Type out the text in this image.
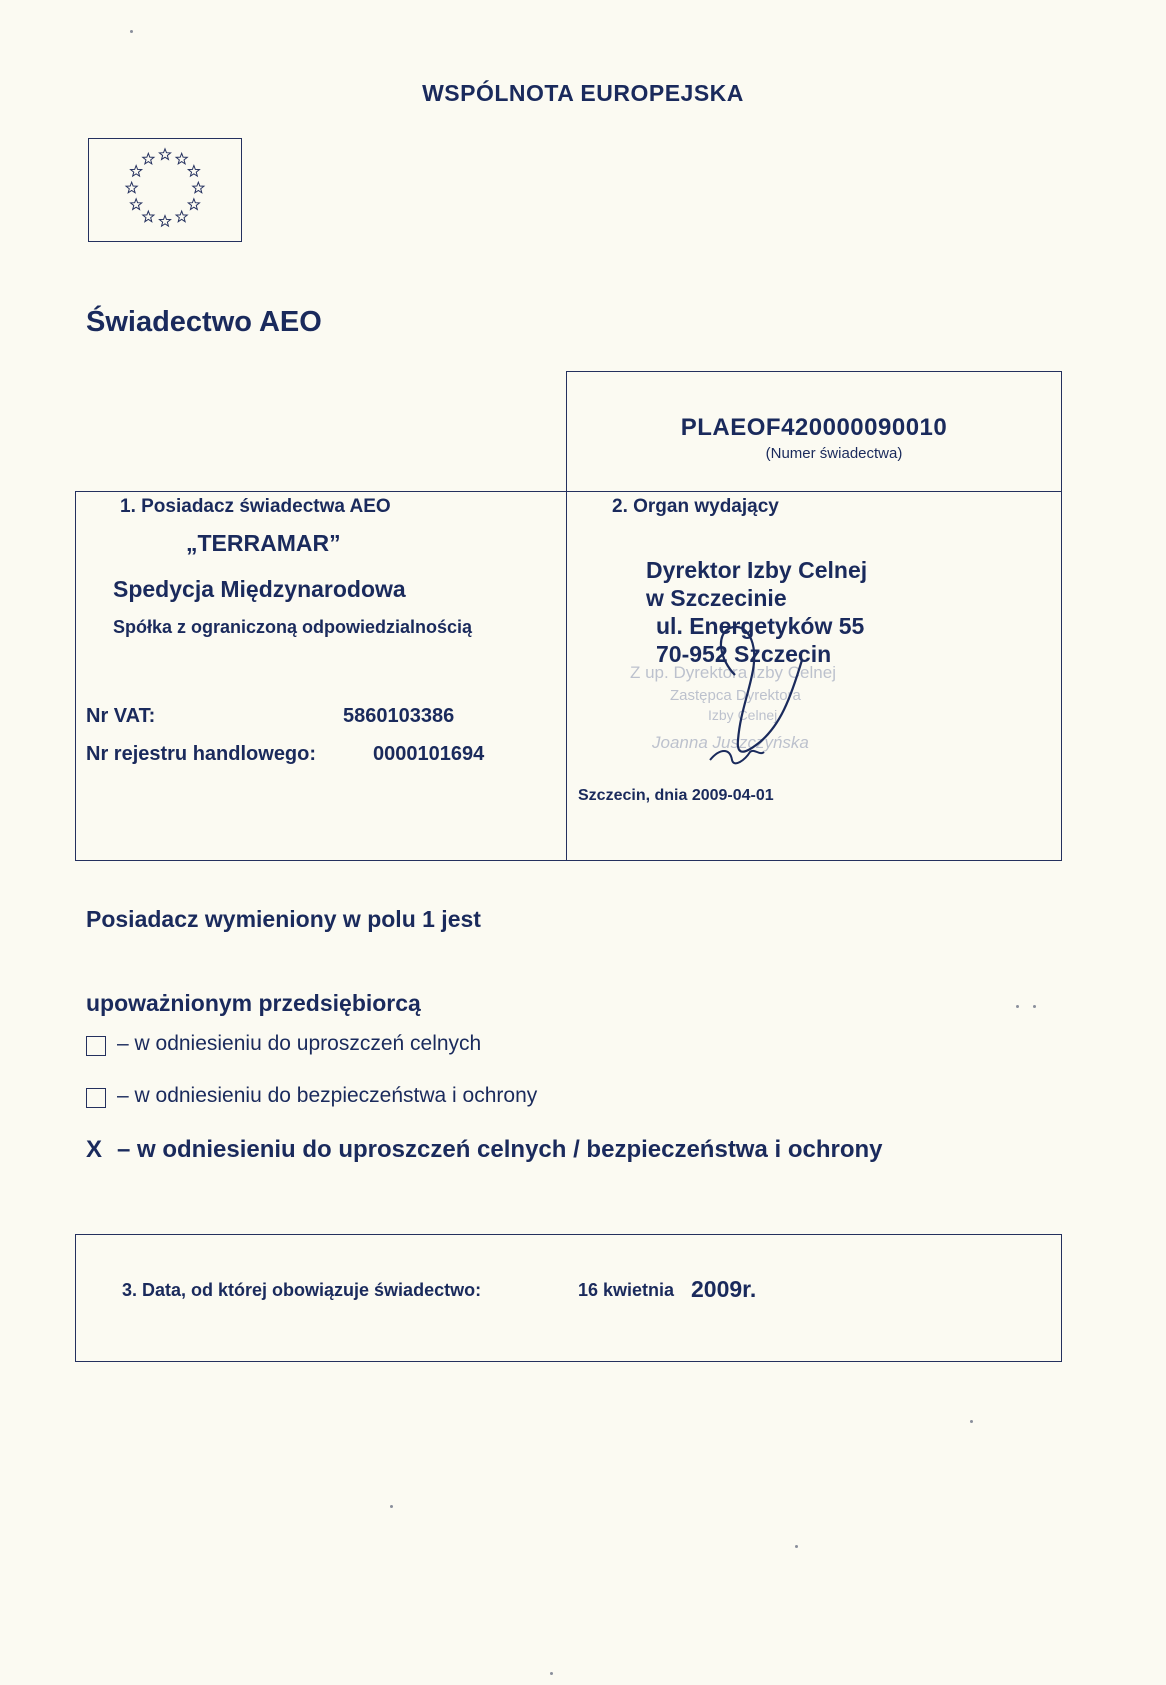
WSPÓLNOTA EUROPEJSKA
Świadectwo AEO
PLAEOF420000090010
(Numer świadectwa)
1. Posiadacz świadectwa AEO
„TERRAMAR”
Spedycja Międzynarodowa
Spółka z ograniczoną odpowiedzialnością
Nr VAT:	5860103386
Nr rejestru handlowego:	0000101694
2. Organ wydający
Z up. Dyrektora Izby Celnej
Zastępca Dyrektora
Izby Celnej
Joanna Juszczyńska
Dyrektor Izby Celnej
w Szczecinie
ul. Energetyków 55
70-952 Szczecin
Szczecin, dnia 2009-04-01
Posiadacz wymieniony w polu 1 jest
upoważnionym przedsiębiorcą
– w odniesieniu do uproszczeń celnych
– w odniesieniu do bezpieczeństwa i ochrony
X – w odniesieniu do uproszczeń celnych / bezpieczeństwa i ochrony
3. Data, od której obowiązuje świadectwo:	16 kwietnia 2009r.
